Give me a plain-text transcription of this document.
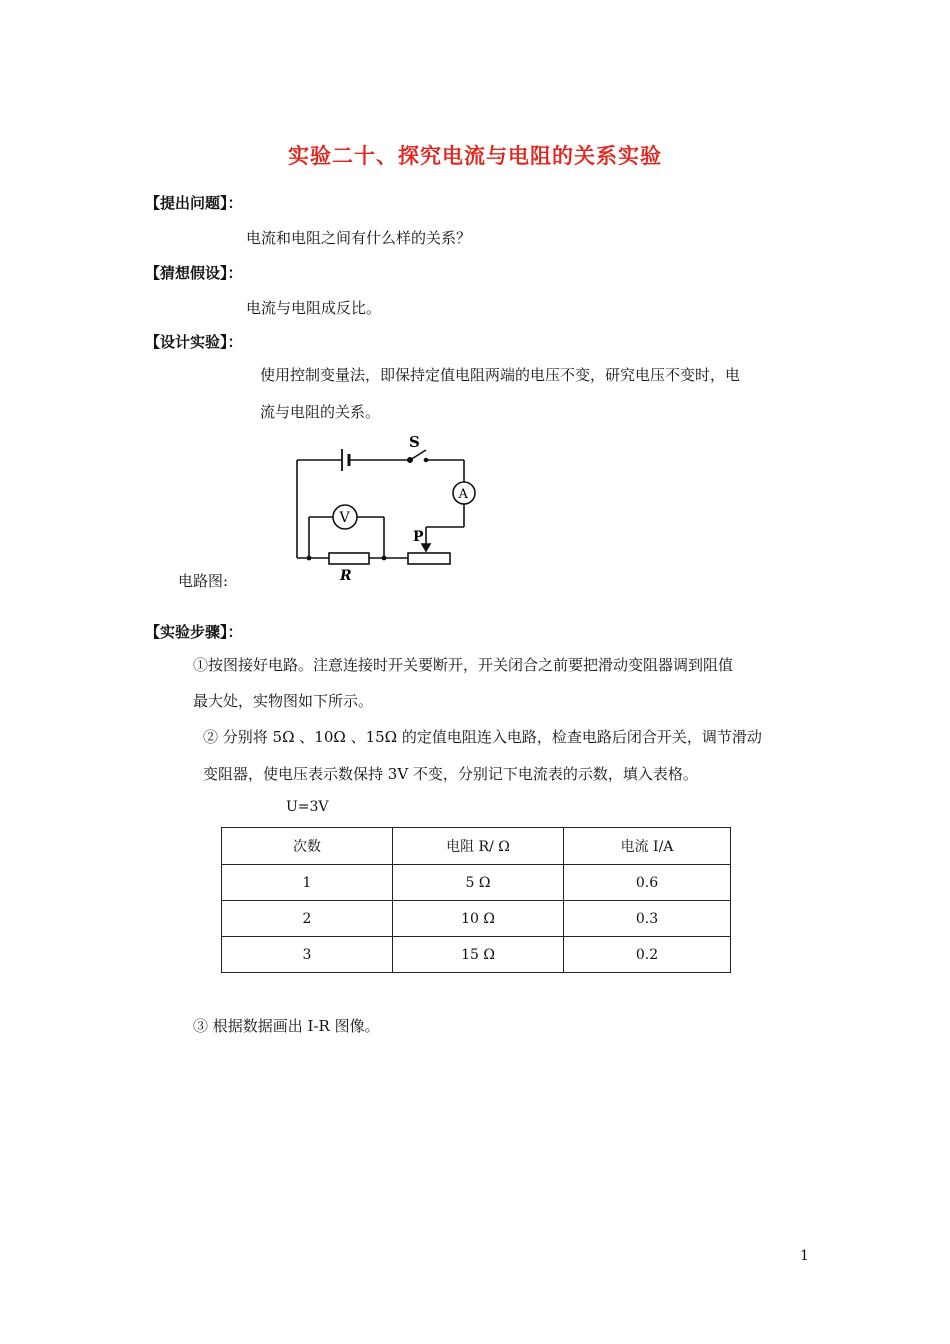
实验二十、探究电流与电阻的关系实验
【提出问题】：
电流和电阻之间有什么样的关系？
【猜想假设】：
电流与电阻成反比。
【设计实验】：
使用控制变量法，即保持定值电阻两端的电压不变，研究电压不变时，电
流与电阻的关系。
S
A
V
P
R
电路图:
【实验步骤】：
①按图接好电路。注意连接时开关要断开，开关闭合之前要把滑动变阻器调到阻值
最大处，实物图如下所示。
② 分别将 5Ω 、10Ω 、15Ω 的定值电阻连入电路，检查电路后闭合开关，调节滑动
变阻器，使电压表示数保持 3V 不变，分别记下电流表的示数，填入表格。
U=3V
次数	电阻 R/ Ω	电流 I/A
1	5 Ω	0.6
2	10 Ω	0.3
3	15 Ω	0.2
③ 根据数据画出 I-R 图像。
1
